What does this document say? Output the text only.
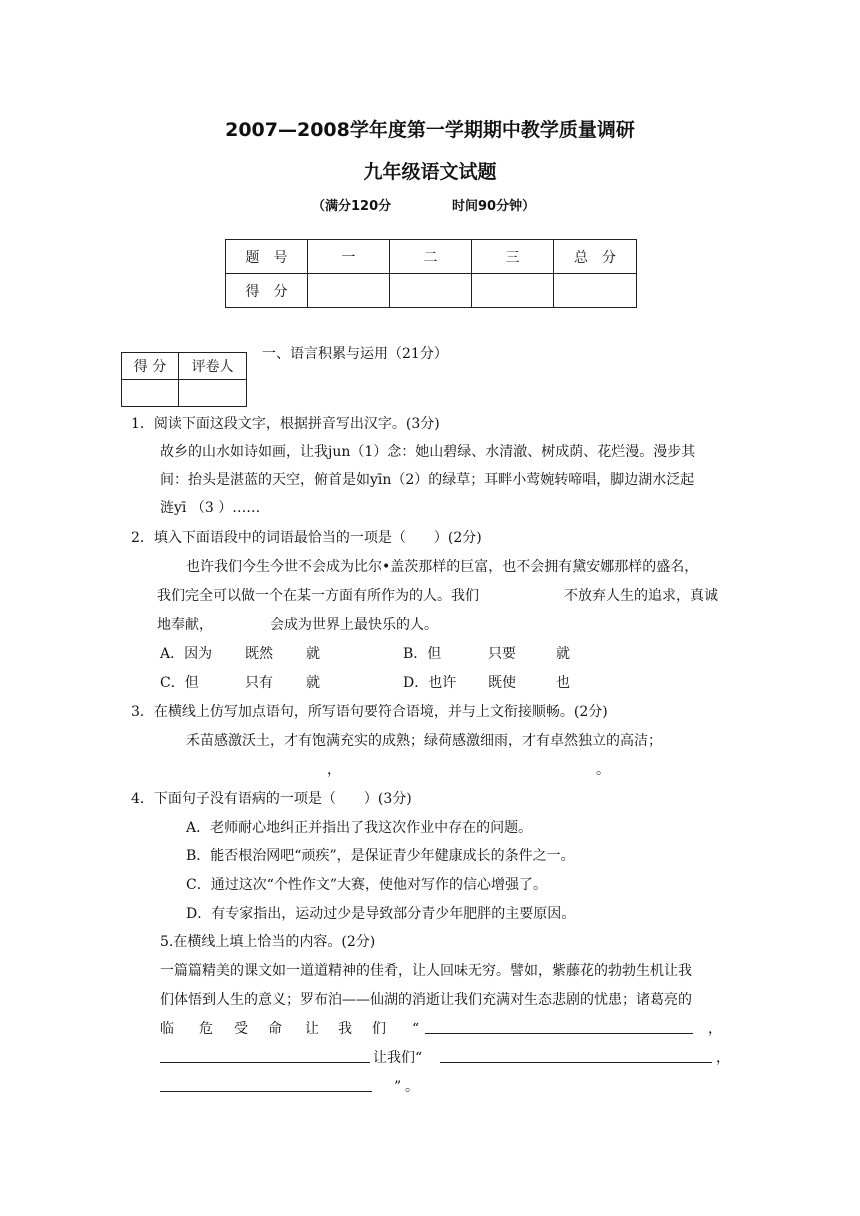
2007—2008学年度第一学期期中教学质量调研
九年级语文试题
（满分120分	时间90分钟）
题　号	一	二	三	总　分
得　分				
得 分	评卷人

一、语言积累与运用（21分）
1．阅读下面这段文字，根据拼音写出汉字。(3分)
故乡的山水如诗如画，让我jun（1）念：她山碧绿、水清澈、树成荫、花烂漫。漫步其
间：抬头是湛蓝的天空，俯首是如yīn（2）的绿草；耳畔小莺婉转啼唱，脚边湖水泛起
涟yī （3 ）……
2．填入下面语段中的词语最恰当的一项是（　　）(2分)
也许我们今生今世不会成为比尔•盖茨那样的巨富，也不会拥有黛安娜那样的盛名，
我们完全可以做一个在某一方面有所作为的人。我们	不放弃人生的追求，真诚
地奉献，	会成为世界上最快乐的人。
A．因为 既然 就	B．但	只要	就
C．但	只有 就	D．也许 既使	也
3．在横线上仿写加点语句，所写语句要符合语境，并与上文衔接顺畅。(2分)
禾苗感激沃土，才有饱满充实的成熟；绿荷感激细雨，才有卓然独立的高洁；
，	。
4．下面句子没有语病的一项是（　　）(3分)
A．老师耐心地纠正并指出了我这次作业中存在的问题。
B．能否根治网吧“顽疾”，是保证青少年健康成长的条件之一。
C．通过这次“个性作文”大赛，使他对写作的信心增强了。
D．有专家指出，运动过少是导致部分青少年肥胖的主要原因。
5.在横线上填上恰当的内容。(2分)
一篇篇精美的课文如一道道精神的佳肴，让人回味无穷。譬如，紫藤花的勃勃生机让我
们体悟到人生的意义；罗布泊——仙湖的消逝让我们充满对生态悲剧的忧患；诸葛亮的
临 危 受 命 让 我 们 “	，
让我们“	，
” 。
